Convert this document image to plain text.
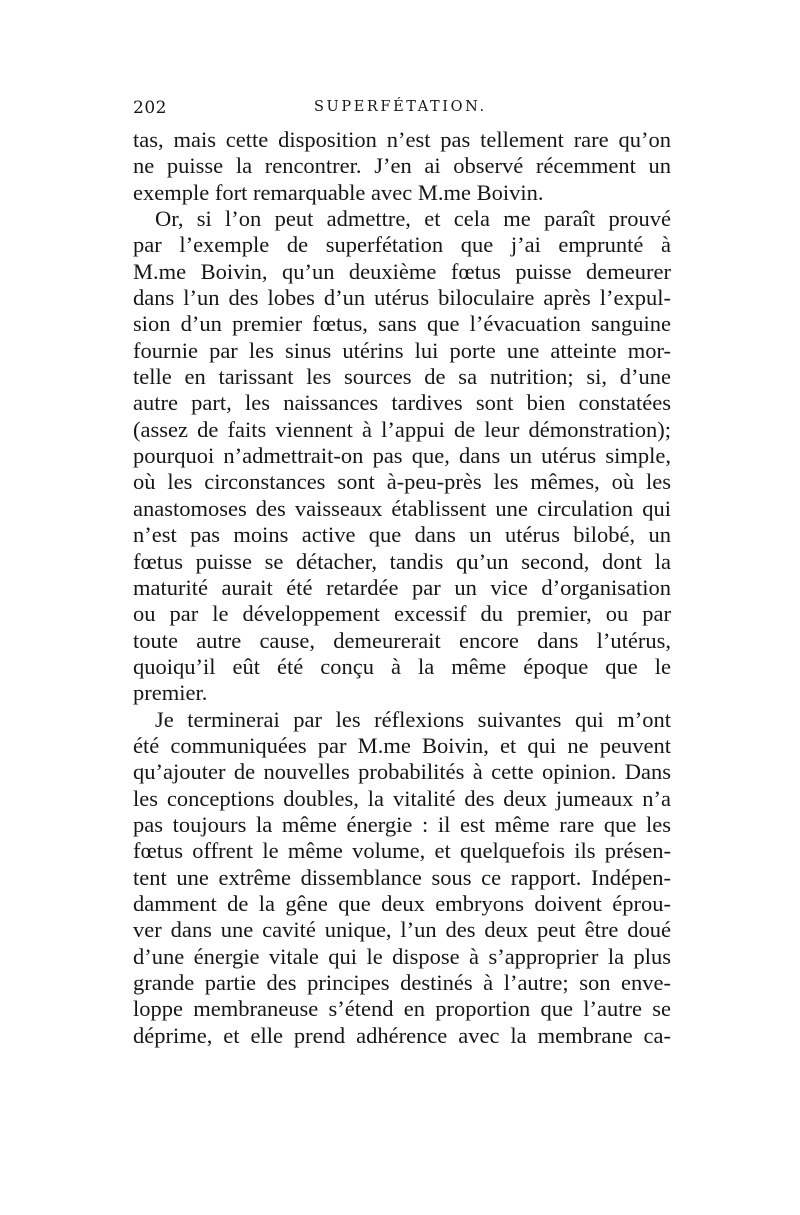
202	SUPERFÉTATION.
tas, mais cette disposition n’est pas tellement rare qu’on
ne puisse la rencontrer. J’en ai observé récemment un
exemple fort remarquable avec M.me Boivin.
Or, si l’on peut admettre, et cela me paraît prouvé
par l’exemple de superfétation que j’ai emprunté à
M.me Boivin, qu’un deuxième fœtus puisse demeurer
dans l’un des lobes d’un utérus biloculaire après l’expul-
sion d’un premier fœtus, sans que l’évacuation sanguine
fournie par les sinus utérins lui porte une atteinte mor-
telle en tarissant les sources de sa nutrition; si, d’une
autre part, les naissances tardives sont bien constatées
(assez de faits viennent à l’appui de leur démonstration);
pourquoi n’admettrait-on pas que, dans un utérus simple,
où les circonstances sont à-peu-près les mêmes, où les
anastomoses des vaisseaux établissent une circulation qui
n’est pas moins active que dans un utérus bilobé, un
fœtus puisse se détacher, tandis qu’un second, dont la
maturité aurait été retardée par un vice d’organisation
ou par le développement excessif du premier, ou par
toute autre cause, demeurerait encore dans l’utérus,
quoiqu’il eût été conçu à la même époque que le
premier.
Je terminerai par les réflexions suivantes qui m’ont
été communiquées par M.me Boivin, et qui ne peuvent
qu’ajouter de nouvelles probabilités à cette opinion. Dans
les conceptions doubles, la vitalité des deux jumeaux n’a
pas toujours la même énergie : il est même rare que les
fœtus offrent le même volume, et quelquefois ils présen-
tent une extrême dissemblance sous ce rapport. Indépen-
damment de la gêne que deux embryons doivent éprou-
ver dans une cavité unique, l’un des deux peut être doué
d’une énergie vitale qui le dispose à s’approprier la plus
grande partie des principes destinés à l’autre; son enve-
loppe membraneuse s’étend en proportion que l’autre se
déprime, et elle prend adhérence avec la membrane ca-
